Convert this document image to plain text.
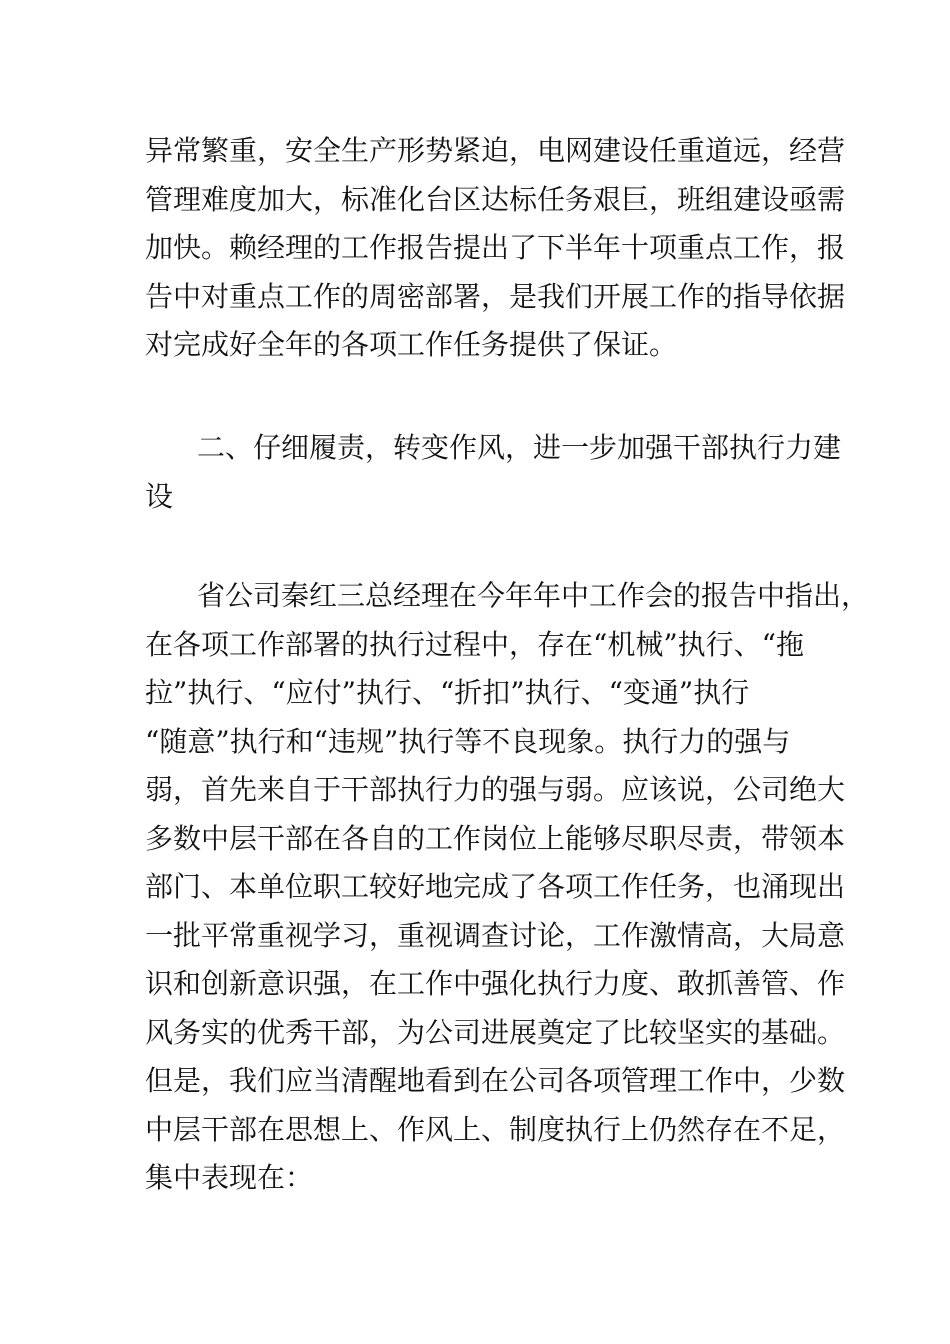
异常繁重，安全生产形势紧迫，电网建设任重道远，经营
管理难度加大，标准化台区达标任务艰巨，班组建设亟需
加快。赖经理的工作报告提出了下半年十项重点工作，报
告中对重点工作的周密部署，是我们开展工作的指导依据
对完成好全年的各项工作任务提供了保证。
二、仔细履责，转变作风，进一步加强干部执行力建
设
省公司秦红三总经理在今年年中工作会的报告中指出，
在各项工作部署的执行过程中，存在“机械”执行、“拖
拉”执行、“应付”执行、“折扣”执行、“变通”执行
“随意”执行和“违规”执行等不良现象。执行力的强与
弱，首先来自于干部执行力的强与弱。应该说，公司绝大
多数中层干部在各自的工作岗位上能够尽职尽责，带领本
部门、本单位职工较好地完成了各项工作任务，也涌现出
一批平常重视学习，重视调查讨论，工作激情高，大局意
识和创新意识强，在工作中强化执行力度、敢抓善管、作
风务实的优秀干部，为公司进展奠定了比较坚实的基础。
但是，我们应当清醒地看到在公司各项管理工作中，少数
中层干部在思想上、作风上、制度执行上仍然存在不足，
集中表现在：
